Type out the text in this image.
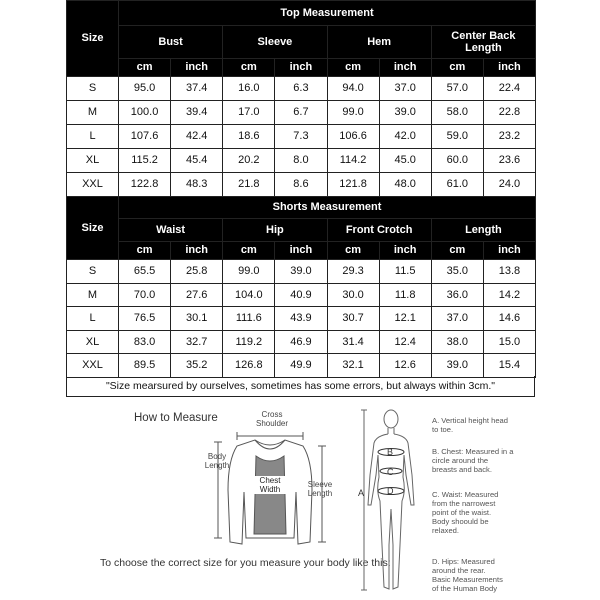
Size	Top Measurement							
	Bust		Sleeve		Hem		Center Back Length	
	cm	inch	cm	inch	cm	inch	cm	inch
S	95.0	37.4	16.0	6.3	94.0	37.0	57.0	22.4
M	100.0	39.4	17.0	6.7	99.0	39.0	58.0	22.8
L	107.6	42.4	18.6	7.3	106.6	42.0	59.0	23.2
XL	115.2	45.4	20.2	8.0	114.2	45.0	60.0	23.6
XXL	122.8	48.3	21.8	8.6	121.8	48.0	61.0	24.0
Size	Shorts Measurement							
	Waist		Hip		Front Crotch		Length	
	cm	inch	cm	inch	cm	inch	cm	inch
S	65.5	25.8	99.0	39.0	29.3	11.5	35.0	13.8
M	70.0	27.6	104.0	40.9	30.0	11.8	36.0	14.2
L	76.5	30.1	111.6	43.9	30.7	12.1	37.0	14.6
XL	83.0	32.7	119.2	46.9	31.4	12.4	38.0	15.0
XXL	89.5	35.2	126.8	49.9	32.1	12.6	39.0	15.4
"Size mearsured by ourselves, sometimes has some errors, but always within 3cm."
How to Measure	Cross
Shoulder
Body
Length
Chest
Width
Sleeve
Length
To choose the correct size for you measure your body like this:
A
B
C
D
A. Vertical height head
to toe.
B. Chest: Measured in a
circle around the
breasts and back.
C. Waist: Measured
from the narrowest
point of the waist.
Body shoould be
relaxed.
D. Hips: Measured
around the rear.
Basic Measurements
of the Human Body
